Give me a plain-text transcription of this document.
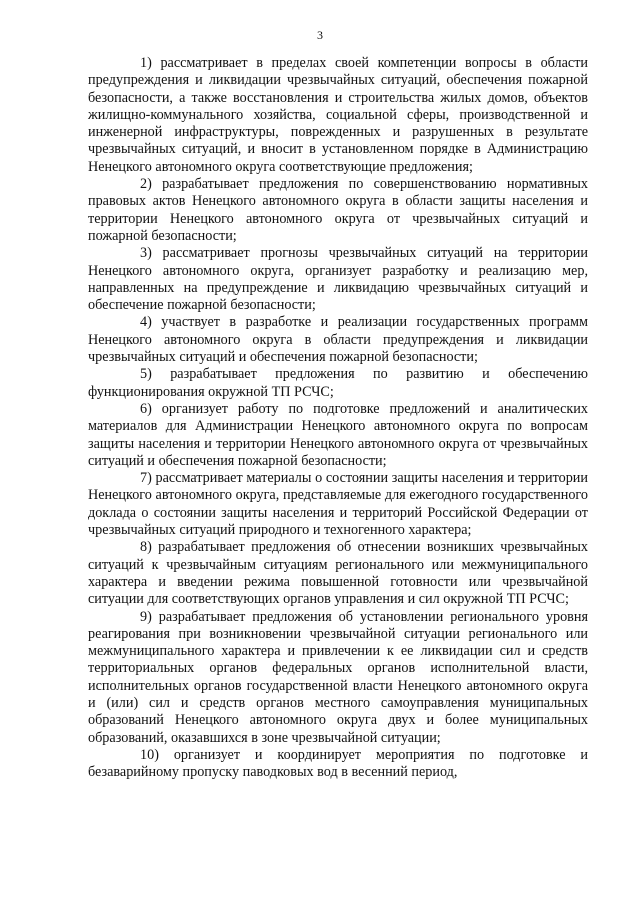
3

1) рассматривает в пределах своей компетенции вопросы в области предупреждения и ликвидации чрезвычайных ситуаций, обеспечения пожарной безопасности, а также восстановления и строительства жилых домов, объектов жилищно-коммунального хозяйства, социальной сферы, производственной и инженерной инфраструктуры, поврежденных и разрушенных в результате чрезвычайных ситуаций, и вносит в установленном порядке в Администрацию Ненецкого автономного округа соответствующие предложения;

2) разрабатывает предложения по совершенствованию нормативных правовых актов Ненецкого автономного округа в области защиты населения и территории Ненецкого автономного округа от чрезвычайных ситуаций и пожарной безопасности;

3) рассматривает прогнозы чрезвычайных ситуаций на территории Ненецкого автономного округа, организует разработку и реализацию мер, направленных на предупреждение и ликвидацию чрезвычайных ситуаций и обеспечение пожарной безопасности;

4) участвует в разработке и реализации государственных программ Ненецкого автономного округа в области предупреждения и ликвидации чрезвычайных ситуаций и обеспечения пожарной безопасности;

5) разрабатывает предложения по развитию и обеспечению функционирования окружной ТП РСЧС;

6) организует работу по подготовке предложений и аналитических материалов для Администрации Ненецкого автономного округа по вопросам защиты населения и территории Ненецкого автономного округа от чрезвычайных ситуаций и обеспечения пожарной безопасности;

7) рассматривает материалы о состоянии защиты населения и территории Ненецкого автономного округа, представляемые для ежегодного государственного доклада о состоянии защиты населения и территорий Российской Федерации от чрезвычайных ситуаций природного и техногенного характера;

8) разрабатывает предложения об отнесении возникших чрезвычайных ситуаций к чрезвычайным ситуациям регионального или межмуниципального характера и введении режима повышенной готовности или чрезвычайной ситуации для соответствующих органов управления и сил окружной ТП РСЧС;

9) разрабатывает предложения об установлении регионального уровня реагирования при возникновении чрезвычайной ситуации регионального или межмуниципального характера и привлечении к ее ликвидации сил и средств территориальных органов федеральных органов исполнительной власти, исполнительных органов государственной власти Ненецкого автономного округа и (или) сил и средств органов местного самоуправления муниципальных образований Ненецкого автономного округа двух и более муниципальных образований, оказавшихся в зоне чрезвычайной ситуации;

10) организует и координирует мероприятия по подготовке и безаварийному пропуску паводковых вод в весенний период,
